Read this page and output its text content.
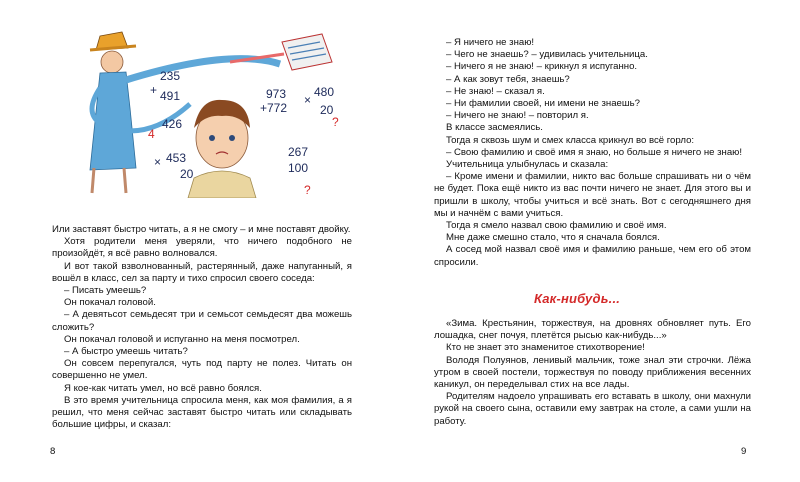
235
+ 491
426
4
× 453
20
973
+772
×
480
20
267
100
?
?

Или заставят быстро читать, а я не смогу – и мне поставят двойку.

Хотя родители меня уверяли, что ничего подобного не произойдёт, я всё равно волновался.

И вот такой взволнованный, растерянный, даже напуганный, я вошёл в класс, сел за парту и тихо спросил своего соседа:

– Писать умеешь?

Он покачал головой.

– А девятьсот семьдесят три и семьсот семьдесят два можешь сложить?

Он покачал головой и испуганно на меня посмотрел.

– А быстро умеешь читать?

Он совсем перепугался, чуть под парту не полез. Читать он совершенно не умел.

Я кое-как читать умел, но всё равно боялся.

В это время учительница спросила меня, как моя фамилия, а я решил, что меня сейчас заставят быстро читать или складывать большие цифры, и сказал:

8

– Я ничего не знаю!

– Чего не знаешь? – удивилась учительница.

– Ничего я не знаю! – крикнул я испуганно.

– А как зовут тебя, знаешь?

– Не знаю! – сказал я.

– Ни фамилии своей, ни имени не знаешь?

– Ничего не знаю! – повторил я.

В классе засмеялись.

Тогда я сквозь шум и смех класса крикнул во всё горло:

– Свою фамилию и своё имя я знаю, но больше я ничего не знаю!

Учительница улыбнулась и сказала:

– Кроме имени и фамилии, никто вас больше спрашивать ни о чём не будет. Пока ещё никто из вас почти ничего не знает. Для этого вы и пришли в школу, чтобы учиться и всё знать. Вот с сегодняшнего дня мы и начнём с вами учиться.

Тогда я смело назвал свою фамилию и своё имя.

Мне даже смешно стало, что я сначала боялся.

А сосед мой назвал своё имя и фамилию раньше, чем его об этом спросили.

Как-нибудь...

«Зима. Крестьянин, торжествуя, на дровнях обновляет путь. Его лошадка, снег почуя, плетётся рысью как-нибудь...»

Кто не знает это знаменитое стихотворение!

Володя Полуянов, ленивый мальчик, тоже знал эти строчки. Лёжа утром в своей постели, торжествуя по поводу приближения весенних каникул, он переделывал стих на все лады.

Родителям надоело упрашивать его вставать в школу, они махнули рукой на своего сына, оставили ему завтрак на столе, а сами ушли на работу.

9
